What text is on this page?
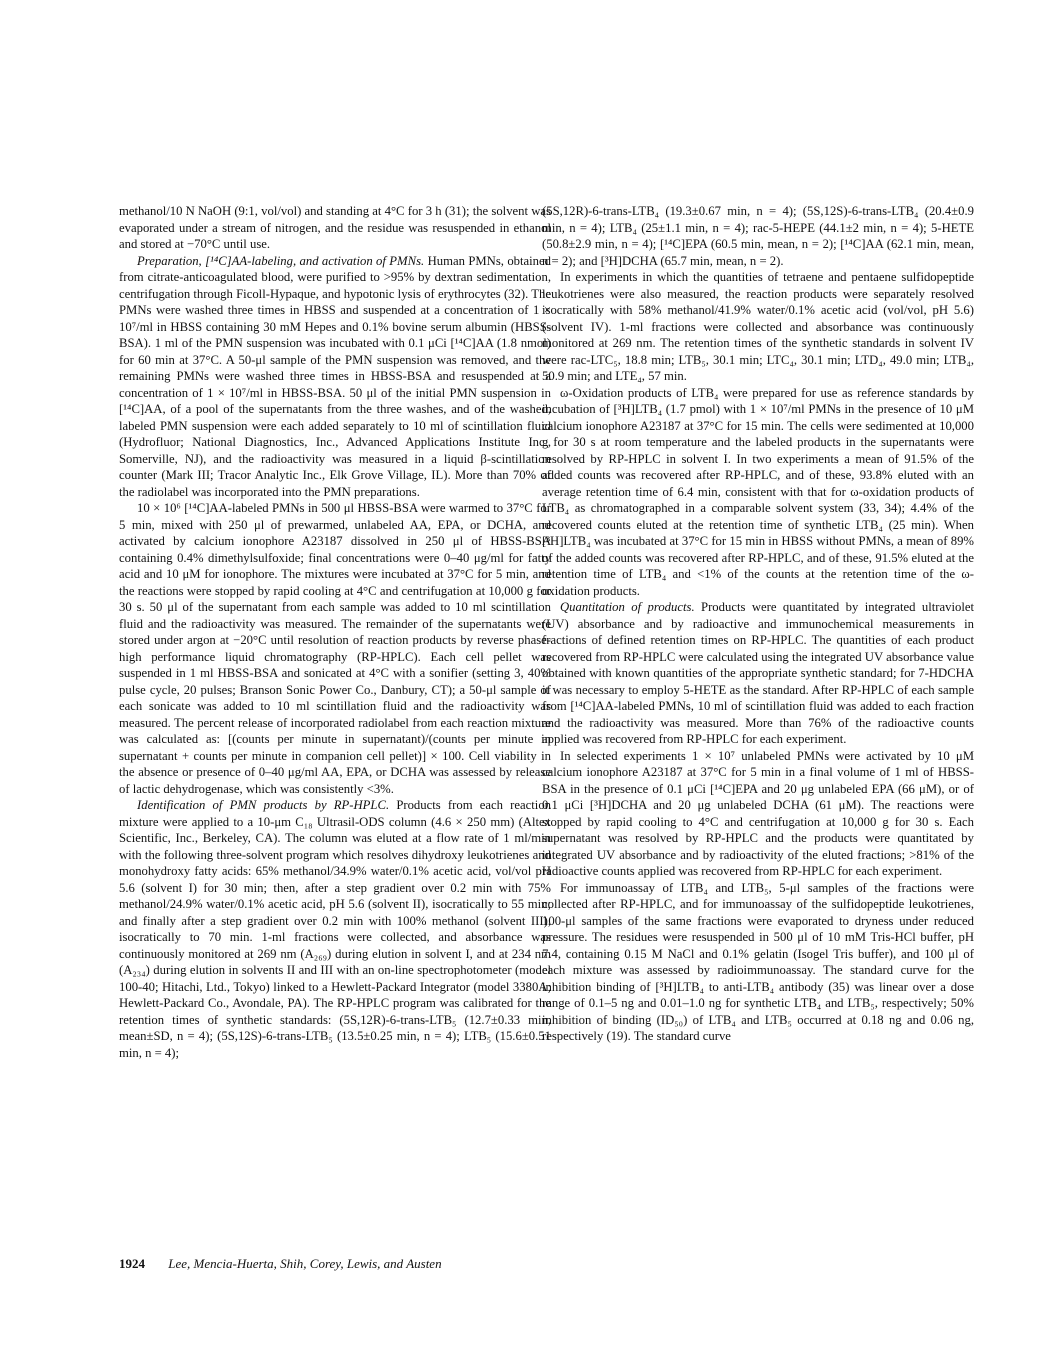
methanol/10 N NaOH (9:1, vol/vol) and standing at 4°C for 3 h (31); the solvent was evaporated under a stream of nitrogen, and the residue was resuspended in ethanol and stored at −70°C until use.

Preparation, [¹⁴C]AA-labeling, and activation of PMNs. Human PMNs, obtained from citrate-anticoagulated blood, were purified to >95% by dextran sedimentation, centrifugation through Ficoll-Hypaque, and hypotonic lysis of erythrocytes (32). The PMNs were washed three times in HBSS and suspended at a concentration of 1 × 10⁷/ml in HBSS containing 30 mM Hepes and 0.1% bovine serum albumin (HBSS-BSA). 1 ml of the PMN suspension was incubated with 0.1 μCi [¹⁴C]AA (1.8 nmol) for 60 min at 37°C. A 50-μl sample of the PMN suspension was removed, and the remaining PMNs were washed three times in HBSS-BSA and resuspended at a concentration of 1 × 10⁷/ml in HBSS-BSA. 50 μl of the initial PMN suspension in [¹⁴C]AA, of a pool of the supernatants from the three washes, and of the washed, labeled PMN suspension were each added separately to 10 ml of scintillation fluid (Hydrofluor; National Diagnostics, Inc., Advanced Applications Institute Inc., Somerville, NJ), and the radioactivity was measured in a liquid β-scintillation counter (Mark III; Tracor Analytic Inc., Elk Grove Village, IL). More than 70% of the radiolabel was incorporated into the PMN preparations.

10 × 10⁶ [¹⁴C]AA-labeled PMNs in 500 μl HBSS-BSA were warmed to 37°C for 5 min, mixed with 250 μl of prewarmed, unlabeled AA, EPA, or DCHA, and activated by calcium ionophore A23187 dissolved in 250 μl of HBSS-BSA containing 0.4% dimethylsulfoxide; final concentrations were 0–40 μg/ml for fatty acid and 10 μM for ionophore. The mixtures were incubated at 37°C for 5 min, and the reactions were stopped by rapid cooling at 4°C and centrifugation at 10,000 g for 30 s. 50 μl of the supernatant from each sample was added to 10 ml scintillation fluid and the radioactivity was measured. The remainder of the supernatants were stored under argon at −20°C until resolution of reaction products by reverse phase-high performance liquid chromatography (RP-HPLC). Each cell pellet was suspended in 1 ml HBSS-BSA and sonicated at 4°C with a sonifier (setting 3, 40% pulse cycle, 20 pulses; Branson Sonic Power Co., Danbury, CT); a 50-μl sample of each sonicate was added to 10 ml scintillation fluid and the radioactivity was measured. The percent release of incorporated radiolabel from each reaction mixture was calculated as: [(counts per minute in supernatant)/(counts per minute in supernatant + counts per minute in companion cell pellet)] × 100. Cell viability in the absence or presence of 0–40 μg/ml AA, EPA, or DCHA was assessed by release of lactic dehydrogenase, which was consistently <3%.

Identification of PMN products by RP-HPLC. Products from each reaction mixture were applied to a 10-μm C₁₈ Ultrasil-ODS column (4.6 × 250 mm) (Altex Scientific, Inc., Berkeley, CA). The column was eluted at a flow rate of 1 ml/min with the following three-solvent program which resolves dihydroxy leukotrienes and monohydroxy fatty acids: 65% methanol/34.9% water/0.1% acetic acid, vol/vol pH 5.6 (solvent I) for 30 min; then, after a step gradient over 0.2 min with 75% methanol/24.9% water/0.1% acetic acid, pH 5.6 (solvent II), isocratically to 55 min; and finally after a step gradient over 0.2 min with 100% methanol (solvent III), isocratically to 70 min. 1-ml fractions were collected, and absorbance was continuously monitored at 269 nm (A₂₆₉) during elution in solvent I, and at 234 nm (A₂₃₄) during elution in solvents II and III with an on-line spectrophotometer (model 100-40; Hitachi, Ltd., Tokyo) linked to a Hewlett-Packard Integrator (model 3380A; Hewlett-Packard Co., Avondale, PA). The RP-HPLC program was calibrated for the retention times of synthetic standards: (5S,12R)-6-trans-LTB₅ (12.7±0.33 min, mean±SD, n = 4); (5S,12S)-6-trans-LTB₅ (13.5±0.25 min, n = 4); LTB₅ (15.6±0.51 min, n = 4);

(5S,12R)-6-trans-LTB₄ (19.3±0.67 min, n = 4); (5S,12S)-6-trans-LTB₄ (20.4±0.9 min, n = 4); LTB₄ (25±1.1 min, n = 4); rac-5-HEPE (44.1±2 min, n = 4); 5-HETE (50.8±2.9 min, n = 4); [¹⁴C]EPA (60.5 min, mean, n = 2); [¹⁴C]AA (62.1 min, mean, n = 2); and [³H]DCHA (65.7 min, mean, n = 2).

In experiments in which the quantities of tetraene and pentaene sulfidopeptide leukotrienes were also measured, the reaction products were separately resolved isocratically with 58% methanol/41.9% water/0.1% acetic acid (vol/vol, pH 5.6) (solvent IV). 1-ml fractions were collected and absorbance was continuously monitored at 269 nm. The retention times of the synthetic standards in solvent IV were rac-LTC₅, 18.8 min; LTB₅, 30.1 min; LTC₄, 30.1 min; LTD₄, 49.0 min; LTB₄, 50.9 min; and LTE₄, 57 min.

ω-Oxidation products of LTB₄ were prepared for use as reference standards by incubation of [³H]LTB₄ (1.7 pmol) with 1 × 10⁷/ml PMNs in the presence of 10 μM calcium ionophore A23187 at 37°C for 15 min. The cells were sedimented at 10,000 g for 30 s at room temperature and the labeled products in the supernatants were resolved by RP-HPLC in solvent I. In two experiments a mean of 91.5% of the added counts was recovered after RP-HPLC, and of these, 93.8% eluted with an average retention time of 6.4 min, consistent with that for ω-oxidation products of LTB₄ as chromatographed in a comparable solvent system (33, 34); 4.4% of the recovered counts eluted at the retention time of synthetic LTB₄ (25 min). When [³H]LTB₄ was incubated at 37°C for 15 min in HBSS without PMNs, a mean of 89% of the added counts was recovered after RP-HPLC, and of these, 91.5% eluted at the retention time of LTB₄ and <1% of the counts at the retention time of the ω-oxidation products.

Quantitation of products. Products were quantitated by integrated ultraviolet (UV) absorbance and by radioactive and immunochemical measurements in fractions of defined retention times on RP-HPLC. The quantities of each product recovered from RP-HPLC were calculated using the integrated UV absorbance value obtained with known quantities of the appropriate synthetic standard; for 7-HDCHA it was necessary to employ 5-HETE as the standard. After RP-HPLC of each sample from [¹⁴C]AA-labeled PMNs, 10 ml of scintillation fluid was added to each fraction and the radioactivity was measured. More than 76% of the radioactive counts applied was recovered from RP-HPLC for each experiment.

In selected experiments 1 × 10⁷ unlabeled PMNs were activated by 10 μM calcium ionophore A23187 at 37°C for 5 min in a final volume of 1 ml of HBSS-BSA in the presence of 0.1 μCi [¹⁴C]EPA and 20 μg unlabeled EPA (66 μM), or of 0.1 μCi [³H]DCHA and 20 μg unlabeled DCHA (61 μM). The reactions were stopped by rapid cooling to 4°C and centrifugation at 10,000 g for 30 s. Each supernatant was resolved by RP-HPLC and the products were quantitated by integrated UV absorbance and by radioactivity of the eluted fractions; >81% of the radioactive counts applied was recovered from RP-HPLC for each experiment.

For immunoassay of LTB₄ and LTB₅, 5-μl samples of the fractions were collected after RP-HPLC, and for immunoassay of the sulfidopeptide leukotrienes, 100-μl samples of the same fractions were evaporated to dryness under reduced pressure. The residues were resuspended in 500 μl of 10 mM Tris-HCl buffer, pH 7.4, containing 0.15 M NaCl and 0.1% gelatin (Isogel Tris buffer), and 100 μl of each mixture was assessed by radioimmunoassay. The standard curve for the inhibition binding of [³H]LTB₄ to anti-LTB₄ antibody (35) was linear over a dose range of 0.1–5 ng and 0.01–1.0 ng for synthetic LTB₄ and LTB₅, respectively; 50% inhibition of binding (ID₅₀) of LTB₄ and LTB₅ occurred at 0.18 ng and 0.06 ng, respectively (19). The standard curve

1924 Lee, Mencia-Huerta, Shih, Corey, Lewis, and Austen
